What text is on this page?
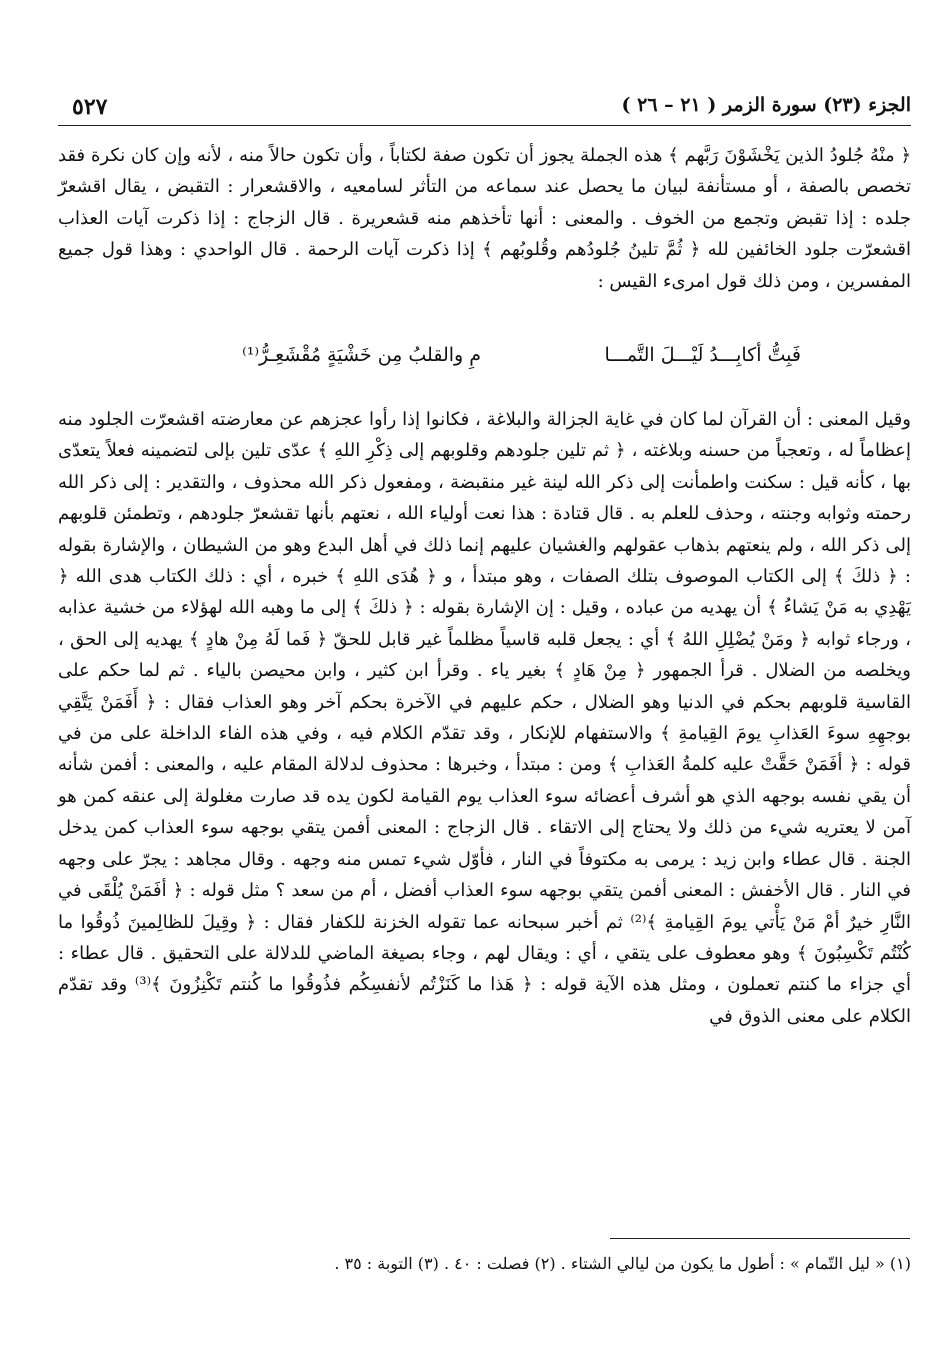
٥٢٧	الجزء (٢٣) سورة الزمر ( ٢١ – ٢٦ )

﴿ منْهُ جُلودُ الذين يَخْشَوْنَ رَبَّهم ﴾ هذه الجملة يجوز أن تكون صفة لكتاباً ، وأن تكون حالاً منه ، لأنه وإن كان نكرة فقد تخصص بالصفة ، أو مستأنفة لبيان ما يحصل عند سماعه من التأثر لسامعيه ، والاقشعرار : التقبض ، يقال اقشعرّ جلده : إذا تقبض وتجمع من الخوف . والمعنى : أنها تأخذهم منه قشعريرة . قال الزجاج : إذا ذكرت آيات العذاب اقشعرّت جلود الخائفين لله ﴿ ثُمَّ تلينُ جُلودُهم وقُلوبُهم ﴾ إذا ذكرت آيات الرحمة . قال الواحدي : وهذا قول جميع المفسرين ، ومن ذلك قول امرىء القيس :

فَبِتُّ أكابِـــدُ لَيْـــلَ التَّمـــا
مِ والقلبُ مِن خَشْيَةٍ مُقْشَعِـرُّ⁽¹⁾

وقيل المعنى : أن القرآن لما كان في غاية الجزالة والبلاغة ، فكانوا إذا رأوا عجزهم عن معارضته اقشعرّت الجلود منه إعظاماً له ، وتعجباً من حسنه وبلاغته ، ﴿ ثم تلين جلودهم وقلوبهم إلى ذِكْرِ اللهِ ﴾ عدّى تلين بإلى لتضمينه فعلاً يتعدّى بها ، كأنه قيل : سكنت واطمأنت إلى ذكر الله لينة غير منقبضة ، ومفعول ذكر الله محذوف ، والتقدير : إلى ذكر الله رحمته وثوابه وجنته ، وحذف للعلم به . قال قتادة : هذا نعت أولياء الله ، نعتهم بأنها تقشعرّ جلودهم ، وتطمئن قلوبهم إلى ذكر الله ، ولم ينعتهم بذهاب عقولهم والغشيان عليهم إنما ذلك في أهل البدع وهو من الشيطان ، والإشارة بقوله : ﴿ ذلكَ ﴾ إلى الكتاب الموصوف بتلك الصفات ، وهو مبتدأ ، و ﴿ هُدَى اللهِ ﴾ خبره ، أي : ذلك الكتاب هدى الله ﴿ يَهْدِي به مَنْ يَشاءُ ﴾ أن يهديه من عباده ، وقيل : إن الإشارة بقوله : ﴿ ذلكَ ﴾ إلى ما وهبه الله لهؤلاء من خشية عذابه ، ورجاء ثوابه ﴿ ومَنْ يُضْلِلِ اللهُ ﴾ أي : يجعل قلبه قاسياً مظلماً غير قابل للحقّ ﴿ فَما لَهُ مِنْ هادٍ ﴾ يهديه إلى الحق ، ويخلصه من الضلال . قرأ الجمهور ﴿ مِنْ هَادٍ ﴾ بغير ياء . وقرأ ابن كثير ، وابن محيصن بالياء . ثم لما حكم على القاسية قلوبهم بحكم في الدنيا وهو الضلال ، حكم عليهم في الآخرة بحكم آخر وهو العذاب فقال : ﴿ أَفَمَنْ يَتَّقِي بوجهِهِ سوءَ العَذابِ يومَ القِيامةِ ﴾ والاستفهام للإنكار ، وقد تقدّم الكلام فيه ، وفي هذه الفاء الداخلة على من في قوله : ﴿ أفَمَنْ حَقَّتْ عليه كلمةُ العَذابِ ﴾ ومن : مبتدأ ، وخبرها : محذوف لدلالة المقام عليه ، والمعنى : أفمن شأنه أن يقي نفسه بوجهه الذي هو أشرف أعضائه سوء العذاب يوم القيامة لكون يده قد صارت مغلولة إلى عنقه كمن هو آمن لا يعتريه شيء من ذلك ولا يحتاج إلى الاتقاء . قال الزجاج : المعنى أفمن يتقي بوجهه سوء العذاب كمن يدخل الجنة . قال عطاء وابن زيد : يرمى به مكتوفاً في النار ، فأوّل شيء تمس منه وجهه . وقال مجاهد : يجرّ على وجهه في النار . قال الأخفش : المعنى أفمن يتقي بوجهه سوء العذاب أفضل ، أم من سعد ؟ مثل قوله : ﴿ أفَمَنْ يُلْقَى في النَّارِ خيرٌ أمْ مَنْ يَأْتي يومَ القِيامةِ ﴾⁽²⁾ ثم أخبر سبحانه عما تقوله الخزنة للكفار فقال : ﴿ وقِيلَ للظالِمينَ ذُوقُوا ما كُنْتُم تَكْسِبُونَ ﴾ وهو معطوف على يتقي ، أي : ويقال لهم ، وجاء بصيغة الماضي للدلالة على التحقيق . قال عطاء : أي جزاء ما كنتم تعملون ، ومثل هذه الآية قوله : ﴿ هَذا ما كَنَزْتُم لأنفسِكُم فذُوقُوا ما كُنتم تَكْنِزُونَ ﴾⁽³⁾ وقد تقدّم الكلام على معنى الذوق في

(١) « ليل التّمام » : أطول ما يكون من ليالي الشتاء . (٢) فصلت : ٤٠ . (٣) التوبة : ٣٥ .
